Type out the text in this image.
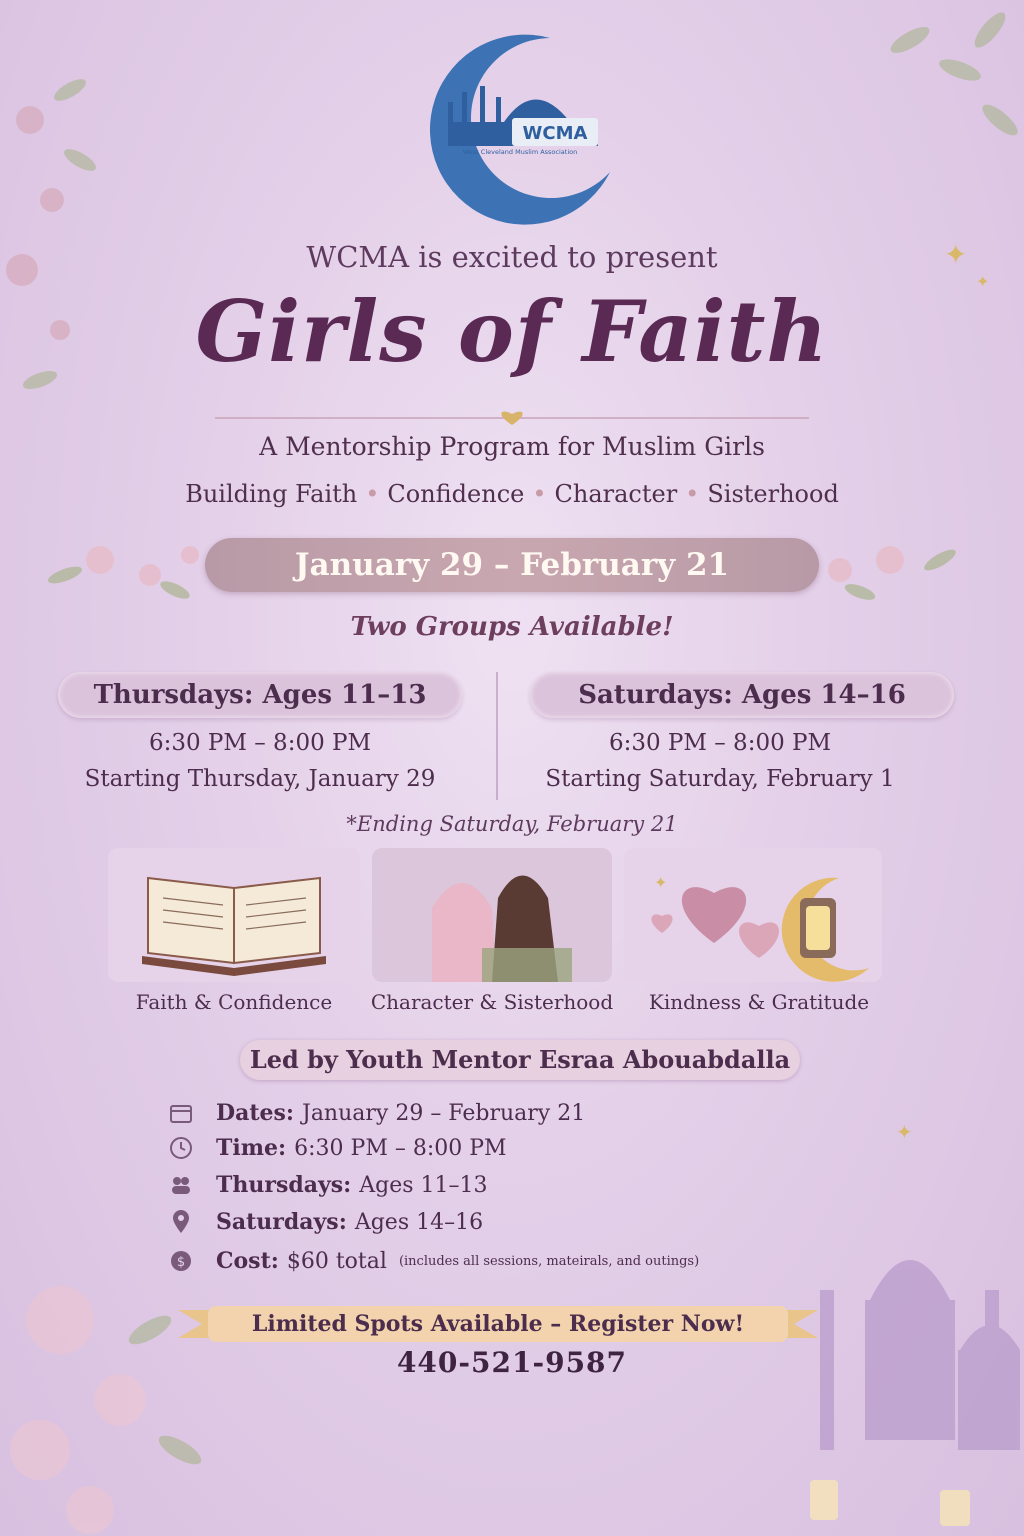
✦
✦
✦
WCMA
West Cleveland Muslim Association
WCMA is excited to present
Girls of Faith
A Mentorship Program for Muslim Girls
Building Faith • Confidence • Character • Sisterhood
January 29 – February 21
Two Groups Available!
Thursdays: Ages 11–13
6:30 PM – 8:00 PM
Starting Thursday, January 29
Saturdays: Ages 14–16
6:30 PM – 8:00 PM
Starting Saturday, February 1
*Ending Saturday, February 21
✦
Faith & Confidence	Character & Sisterhood	Kindness & Gratitude
Led by Youth Mentor Esraa Abouabdalla
Dates: January 29 – February 21
Time: 6:30 PM – 8:00 PM
Thursdays: Ages 11–13
Saturdays: Ages 14–16
$ Cost: $60 total (includes all sessions, mateirals, and outings)
Limited Spots Available – Register Now!
440-521-9587
